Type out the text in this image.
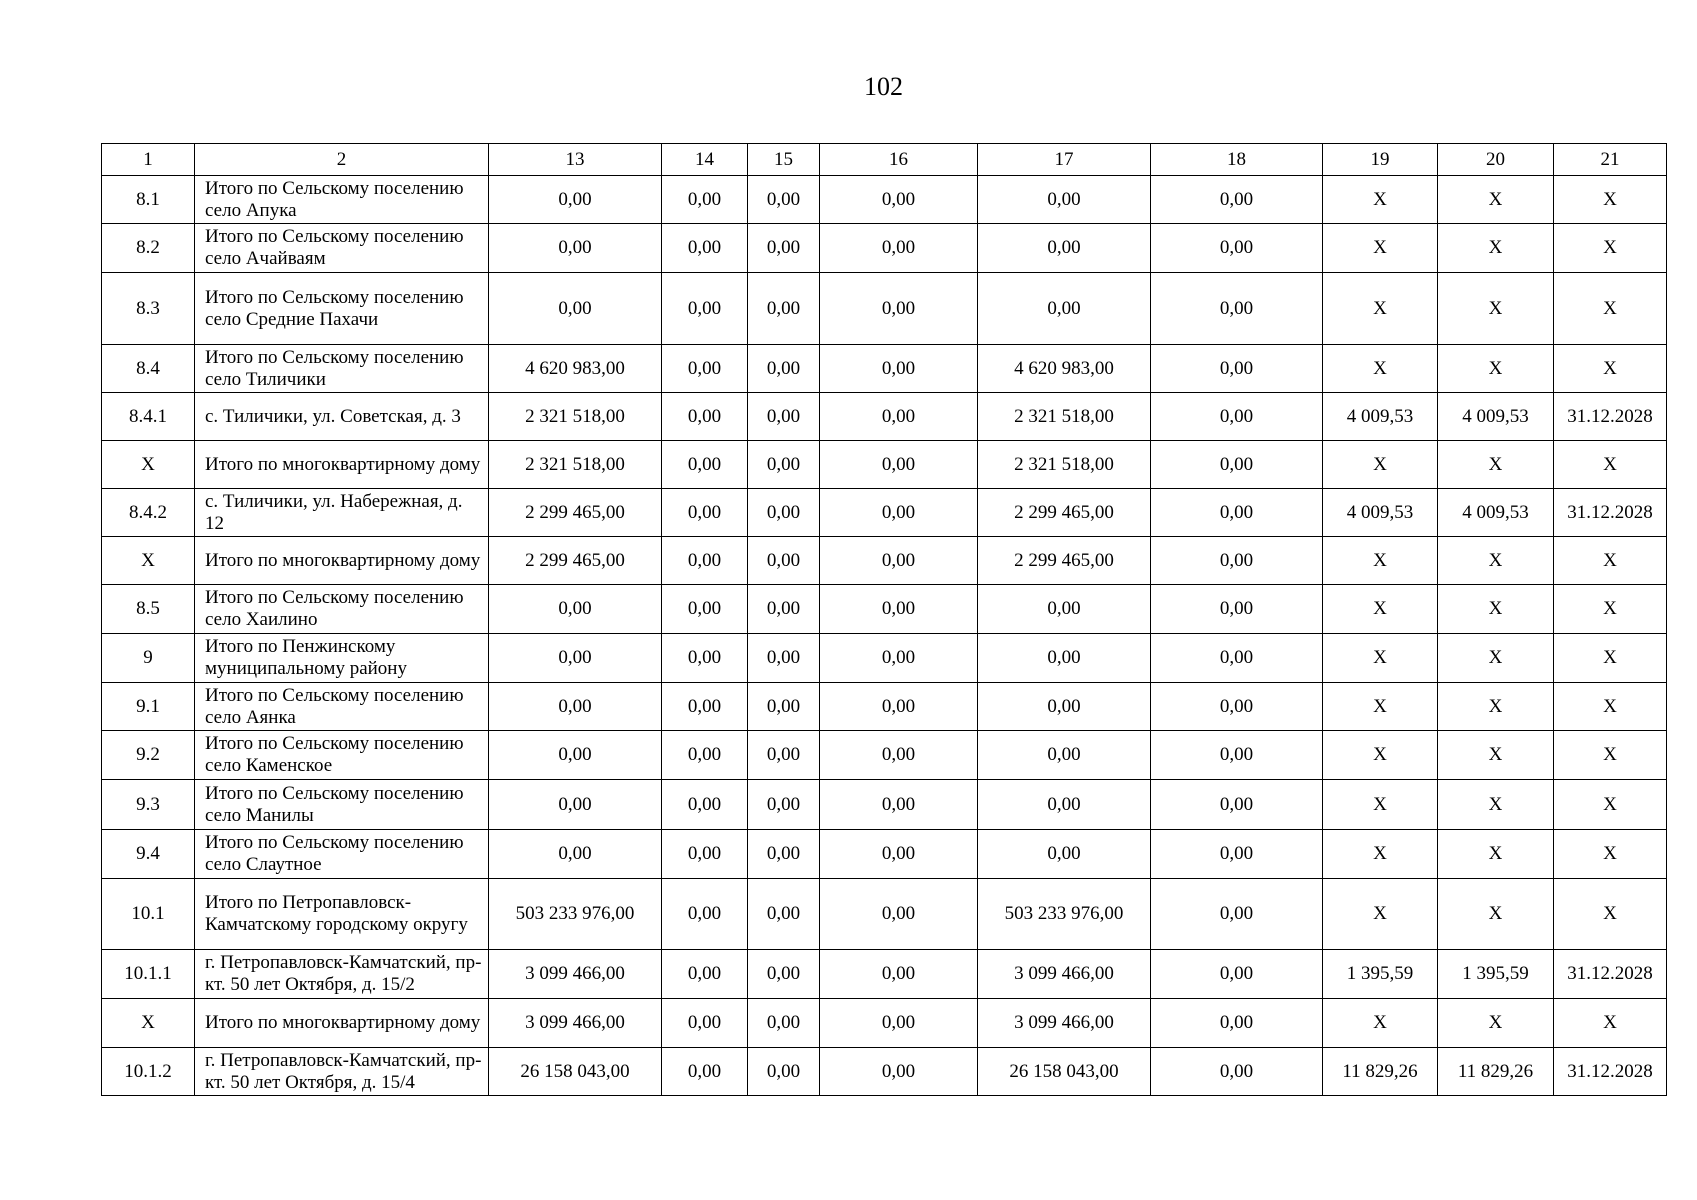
102
1	2	13	14	15	16	17	18	19	20	21
8.1	Итого по Сельскому поселению село Апука	0,00	0,00	0,00	0,00	0,00	0,00	X	X	X
8.2	Итого по Сельскому поселению село Ачайваям	0,00	0,00	0,00	0,00	0,00	0,00	X	X	X
8.3	Итого по Сельскому поселению село Средние Пахачи	0,00	0,00	0,00	0,00	0,00	0,00	X	X	X
8.4	Итого по Сельскому поселению село Тиличики	4 620 983,00	0,00	0,00	0,00	4 620 983,00	0,00	X	X	X
8.4.1	с. Тиличики, ул. Советская, д. 3	2 321 518,00	0,00	0,00	0,00	2 321 518,00	0,00	4 009,53	4 009,53	31.12.2028
X	Итого по многоквартирному дому	2 321 518,00	0,00	0,00	0,00	2 321 518,00	0,00	X	X	X
8.4.2	с. Тиличики, ул. Набережная, д. 12	2 299 465,00	0,00	0,00	0,00	2 299 465,00	0,00	4 009,53	4 009,53	31.12.2028
X	Итого по многоквартирному дому	2 299 465,00	0,00	0,00	0,00	2 299 465,00	0,00	X	X	X
8.5	Итого по Сельскому поселению село Хаилино	0,00	0,00	0,00	0,00	0,00	0,00	X	X	X
9	Итого по Пенжинскому муниципальному району	0,00	0,00	0,00	0,00	0,00	0,00	X	X	X
9.1	Итого по Сельскому поселению село Аянка	0,00	0,00	0,00	0,00	0,00	0,00	X	X	X
9.2	Итого по Сельскому поселению село Каменское	0,00	0,00	0,00	0,00	0,00	0,00	X	X	X
9.3	Итого по Сельскому поселению село Манилы	0,00	0,00	0,00	0,00	0,00	0,00	X	X	X
9.4	Итого по Сельскому поселению село Слаутное	0,00	0,00	0,00	0,00	0,00	0,00	X	X	X
10.1	Итого по Петропавловск-Камчатскому городскому округу	503 233 976,00	0,00	0,00	0,00	503 233 976,00	0,00	X	X	X
10.1.1	г. Петропавловск-Камчатский, пр-кт. 50 лет Октября, д. 15/2	3 099 466,00	0,00	0,00	0,00	3 099 466,00	0,00	1 395,59	1 395,59	31.12.2028
X	Итого по многоквартирному дому	3 099 466,00	0,00	0,00	0,00	3 099 466,00	0,00	X	X	X
10.1.2	г. Петропавловск-Камчатский, пр-кт. 50 лет Октября, д. 15/4	26 158 043,00	0,00	0,00	0,00	26 158 043,00	0,00	11 829,26	11 829,26	31.12.2028
